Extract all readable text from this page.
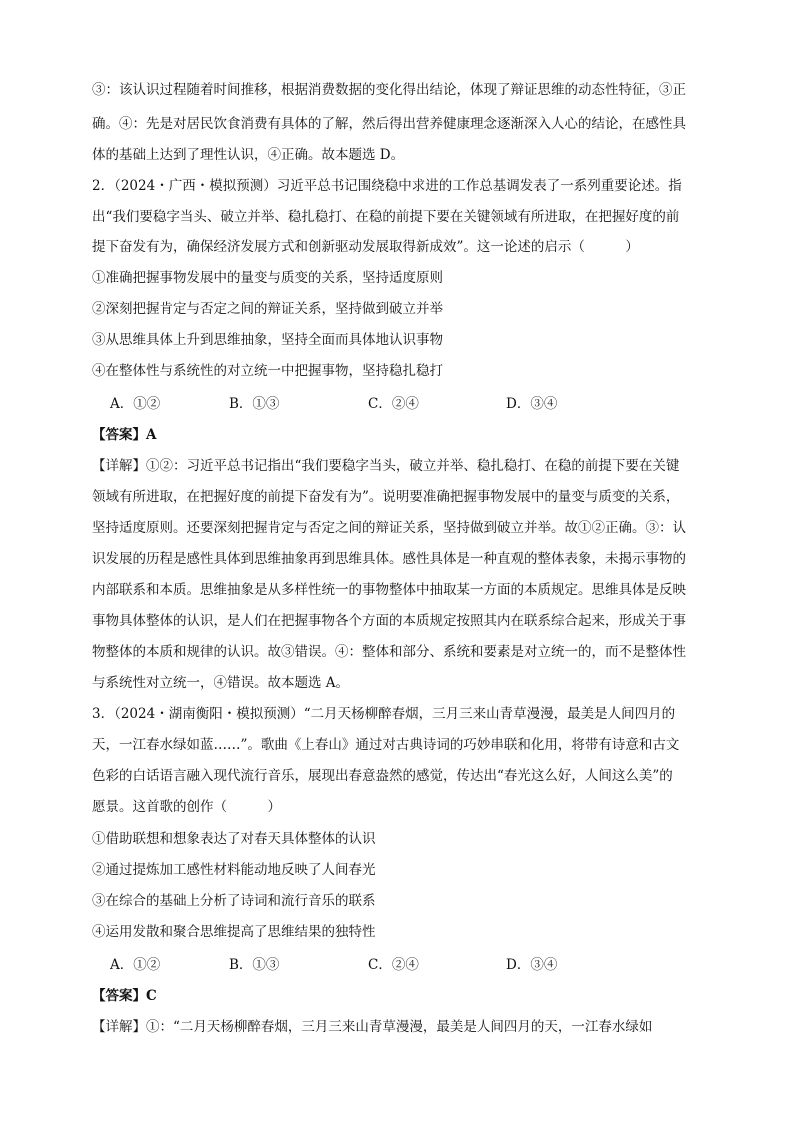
③：该认识过程随着时间推移，根据消费数据的变化得出结论，体现了辩证思维的动态性特征，③正
确。④：先是对居民饮食消费有具体的了解，然后得出营养健康理念逐渐深入人心的结论，在感性具
体的基础上达到了理性认识，④正确。故本题选 D。
2．（2024・广西・模拟预测）习近平总书记围绕稳中求进的工作总基调发表了一系列重要论述。指
出“我们要稳字当头、破立并举、稳扎稳打、在稳的前提下要在关键领域有所进取，在把握好度的前
提下奋发有为，确保经济发展方式和创新驱动发展取得新成效”。这一论述的启示（　　　）
①准确把握事物发展中的量变与质变的关系，坚持适度原则
②深刻把握肯定与否定之间的辩证关系，坚持做到破立并举
③从思维具体上升到思维抽象，坚持全面而具体地认识事物
④在整体性与系统性的对立统一中把握事物，坚持稳扎稳打
A．①②	B．①③	C．②④	D．③④
【答案】A
【详解】①②：习近平总书记指出“我们要稳字当头，破立并举、稳扎稳打、在稳的前提下要在关键
领域有所进取，在把握好度的前提下奋发有为”。说明要准确把握事物发展中的量变与质变的关系，
坚持适度原则。还要深刻把握肯定与否定之间的辩证关系，坚持做到破立并举。故①②正确。③：认
识发展的历程是感性具体到思维抽象再到思维具体。感性具体是一种直观的整体表象，未揭示事物的
内部联系和本质。思维抽象是从多样性统一的事物整体中抽取某一方面的本质规定。思维具体是反映
事物具体整体的认识，是人们在把握事物各个方面的本质规定按照其内在联系综合起来，形成关于事
物整体的本质和规律的认识。故③错误。④：整体和部分、系统和要素是对立统一的，而不是整体性
与系统性对立统一，④错误。故本题选 A。
3．（2024・湖南衡阳・模拟预测）“二月天杨柳醉春烟，三月三来山青草漫漫，最美是人间四月的
天，一江春水绿如蓝……”。歌曲《上春山》通过对古典诗词的巧妙串联和化用，将带有诗意和古文
色彩的白话语言融入现代流行音乐，展现出春意盎然的感觉，传达出“春光这么好，人间这么美”的
愿景。这首歌的创作（　　　）
①借助联想和想象表达了对春天具体整体的认识
②通过提炼加工感性材料能动地反映了人间春光
③在综合的基础上分析了诗词和流行音乐的联系
④运用发散和聚合思维提高了思维结果的独特性
A．①②	B．①③	C．②④	D．③④
【答案】C
【详解】①：“二月天杨柳醉春烟，三月三来山青草漫漫，最美是人间四月的天，一江春水绿如
